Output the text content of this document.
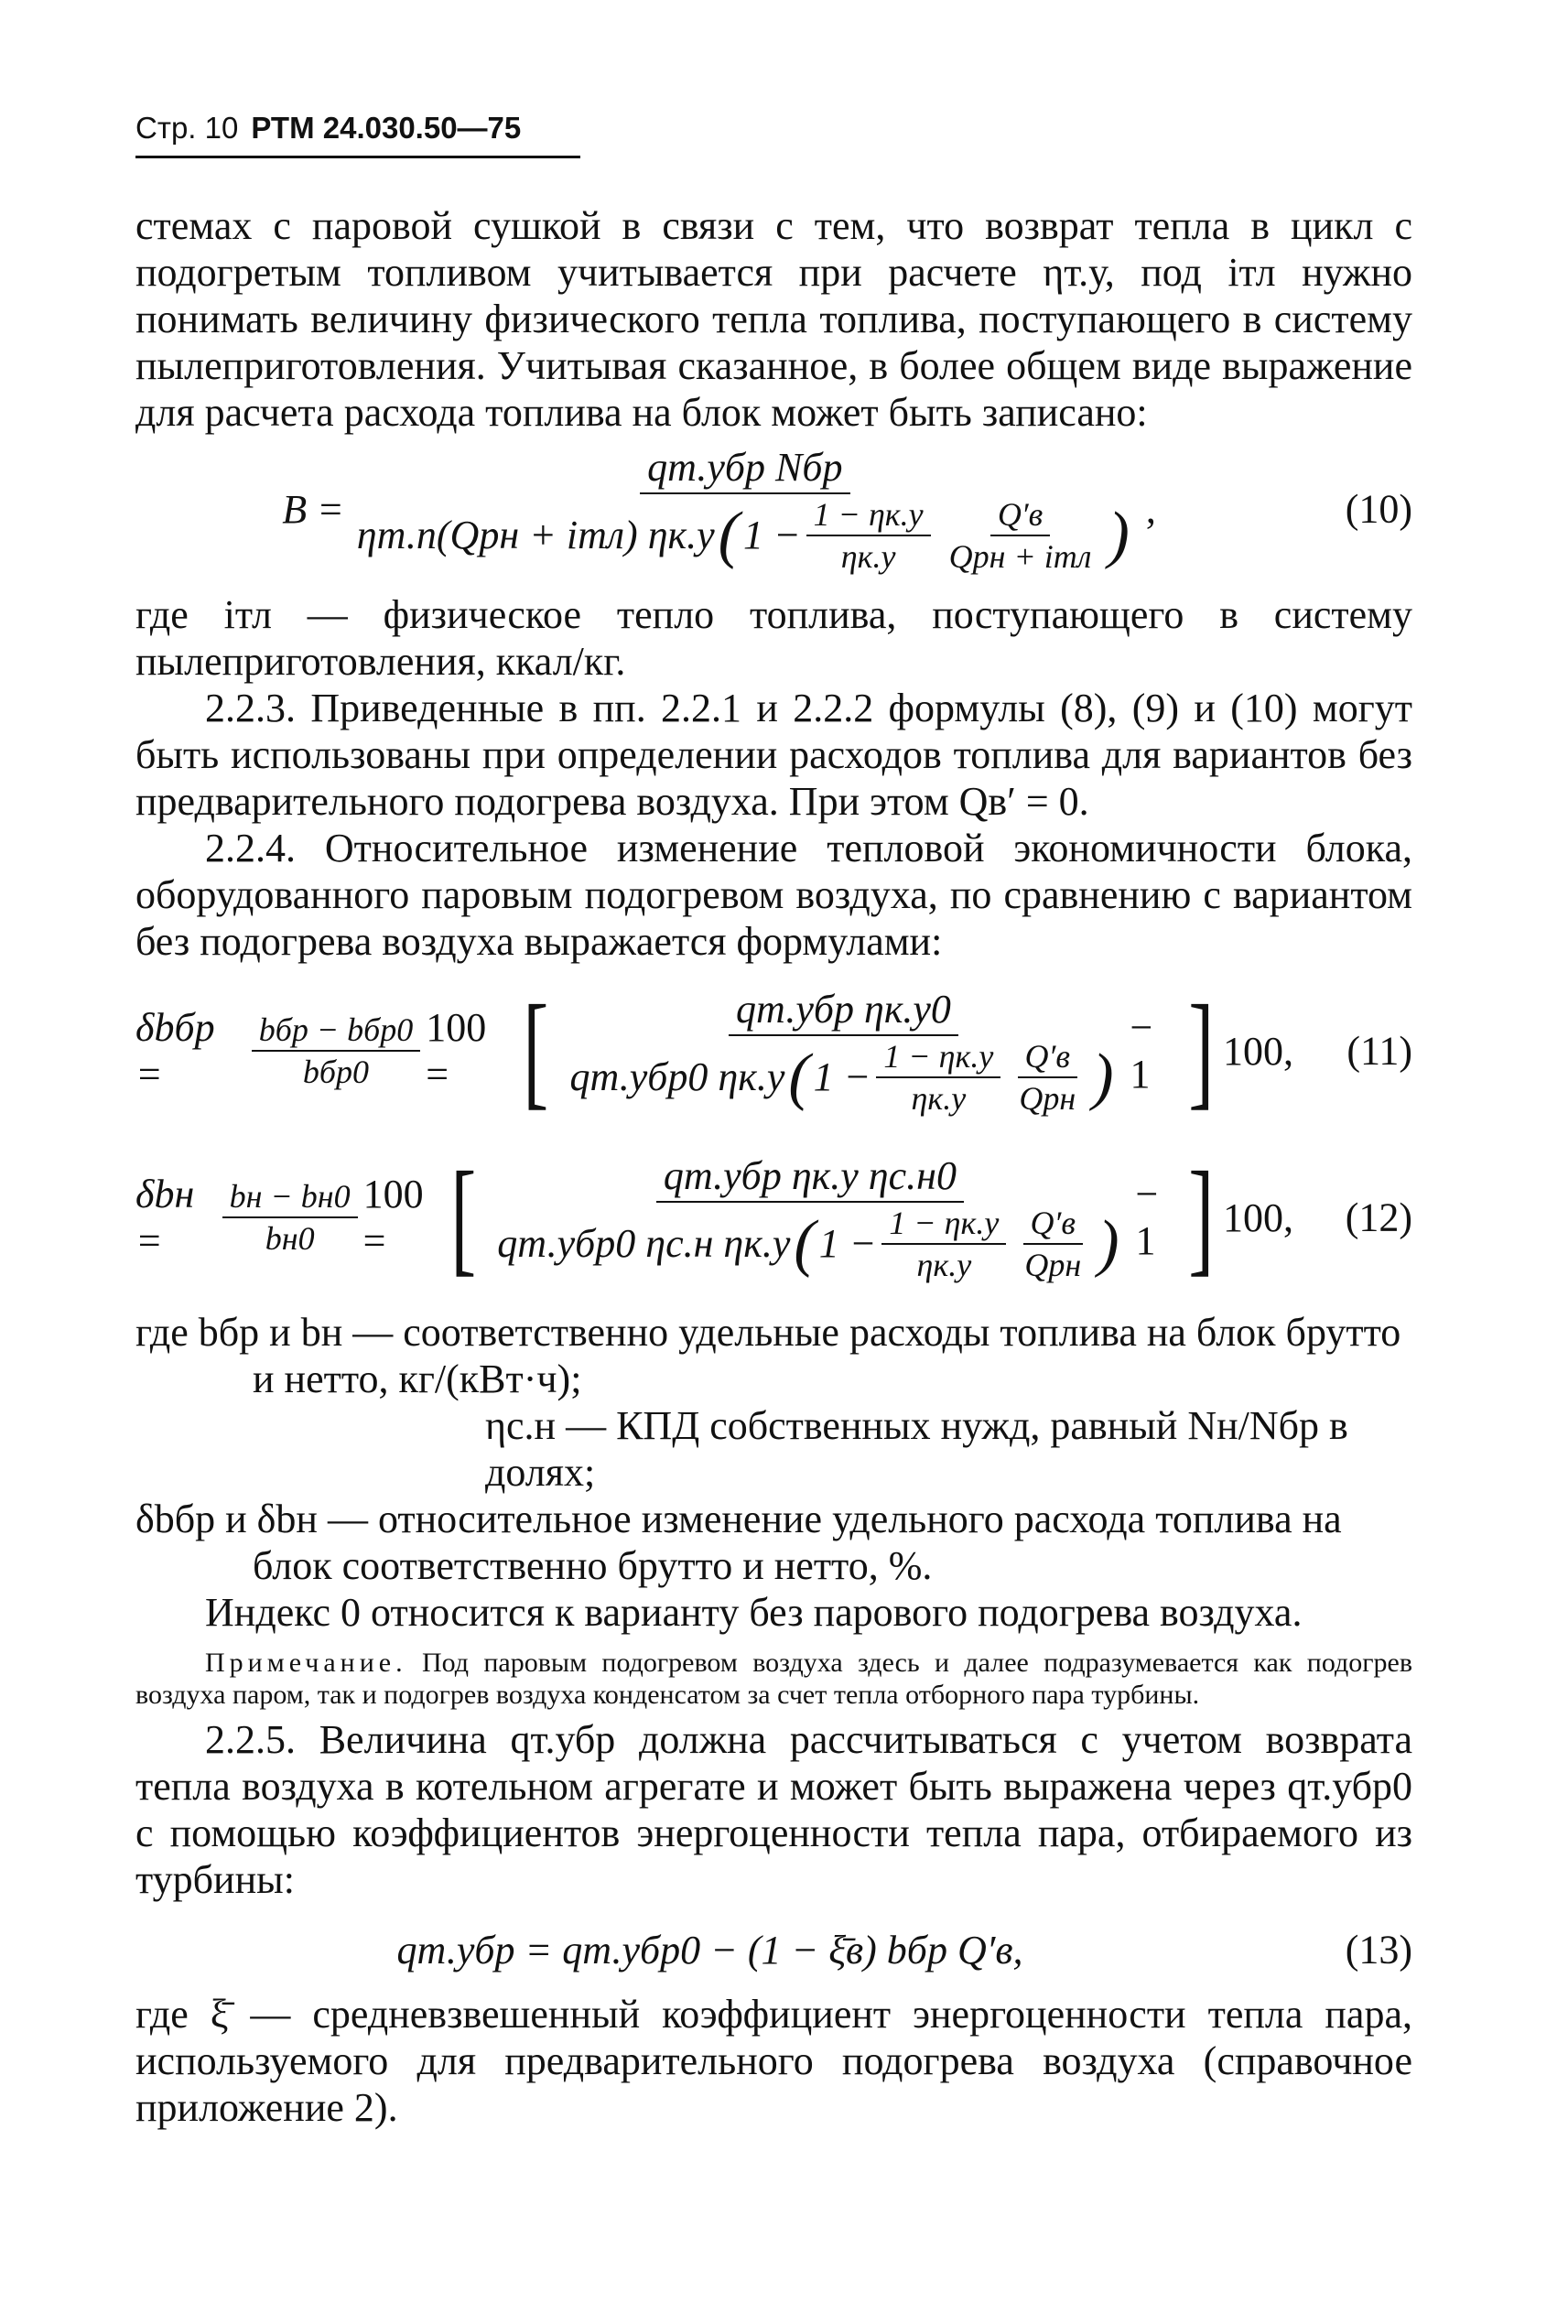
Стр. 10 РТМ 24.030.50—75

стемах с паровой сушкой в связи с тем, что возврат тепла в цикл с подогретым топливом учитывается при расчете ηт.у, под iтл нужно понимать величину физического тепла топлива, поступающего в систему пылеприготовления. Учитывая сказанное, в более общем виде выражение для расчета расхода топлива на блок может быть записано:

B =
qт.убр Nбр
ηт.п(Qрн + iтл) ηк.у ( $1 - \frac{1 - \eta к.у}{\eta к.у} \frac{Q'в}{\text{Qрн + iтл}}$ ) ,	(10)

где iтл — физическое тепло топлива, поступающего в систему пылеприготовления, ккал/кг.

2.2.3. Приведенные в пп. 2.2.1 и 2.2.2 формулы (8), (9) и (10) могут быть использованы при определении расходов топлива для вариантов без предварительного подогрева воздуха. При этом Qв′ = 0.

2.2.4. Относительное изменение тепловой экономичности блока, оборудованного паровым подогревом воздуха, по сравнению с вариантом без подогрева воздуха выражается формулами:

δbбр =	$\frac{\text{bбр − bбр0}}{\text{bбр0}} 100$ = [	qт.убр ηк.у0
qт.убр0 ηк.у ( $1 - \frac{1 - \eta к.у}{\eta к.у} \frac{Q'в}{\text{Qрн}}$ )
− 1 ] 100, (11)
δbн =	$\frac{bн - bн0}{bн0} 100$ = [	qт.убр ηк.у ηс.н0
qт.убр0 ηс.н ηк.у ( $1 - \frac{1 - \eta к.у}{\eta к.у} \frac{Q'в}{\text{Qрн}}$ )
− 1 ] 100, (12)

где bбр и bн — соответственно удельные расходы топлива на блок брутто и нетто, кг/(кВт·ч);

ηс.н — КПД собственных нужд, равный Nн/Nбр в долях;

δbбр и δbн — относительное изменение удельного расхода топлива на блок соответственно брутто и нетто, %.

Индекс 0 относится к варианту без парового подогрева воздуха.

Примечание. Под паровым подогревом воздуха здесь и далее подразумевается как подогрев воздуха паром, так и подогрев воздуха конденсатом за счет тепла отборного пара турбины.

2.2.5. Величина qт.убр должна рассчитываться с учетом возврата тепла воздуха в котельном агрегате и может быть выражена через qт.убр0 с помощью коэффициентов энергоценности тепла пара, отбираемого из турбины:

qт.убр = qт.убр0 − (1 − ξ̄в) bбр Q′в,	(13)

где ξ̄ — средневзвешенный коэффициент энергоценности тепла пара, используемого для предварительного подогрева воздуха (справочное приложение 2).
